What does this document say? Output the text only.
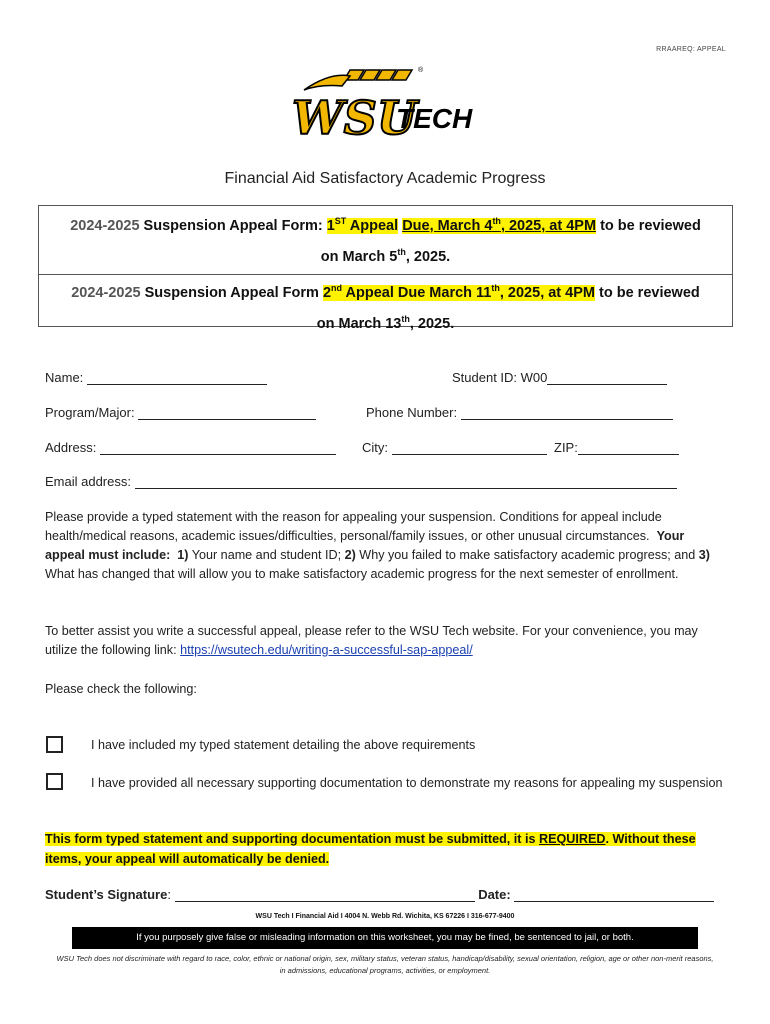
RRAAREQ: APPEAL
WSU
TECH
®
Financial Aid Satisfactory Academic Progress
2024-2025 Suspension Appeal Form: 1ST Appeal Due, March 4th, 2025, at 4PM to be reviewed
on March 5th, 2025.
2024-2025 Suspension Appeal Form 2nd Appeal Due March 11th, 2025, at 4PM to be reviewed
on March 13th, 2025.
Name:	Student ID: W00
Program/Major:	Phone Number:
Address:	City:	ZIP:
Email address:
Please provide a typed statement with the reason for appealing your suspension. Conditions for appeal include health/medical reasons, academic issues/difficulties, personal/family issues, or other unusual circumstances. Your appeal must include: 1) Your name and student ID; 2) Why you failed to make satisfactory academic progress; and 3) What has changed that will allow you to make satisfactory academic progress for the next semester of enrollment.
To better assist you write a successful appeal, please refer to the WSU Tech website. For your convenience, you may utilize the following link: https://wsutech.edu/writing-a-successful-sap-appeal/
Please check the following:
I have included my typed statement detailing the above requirements
I have provided all necessary supporting documentation to demonstrate my reasons for appealing my suspension
This form typed statement and supporting documentation must be submitted, it is REQUIRED. Without these items, your appeal will automatically be denied.
Student’s Signature:	Date:
WSU Tech I Financial Aid I 4004 N. Webb Rd. Wichita, KS 67226 I 316-677-9400
If you purposely give false or misleading information on this worksheet, you may be fined, be sentenced to jail, or both.
WSU Tech does not discriminate with regard to race, color, ethnic or national origin, sex, military status, veteran status, handicap/disability, sexual orientation, religion, age or other non-merit reasons, in admissions, educational programs, activities, or employment.
